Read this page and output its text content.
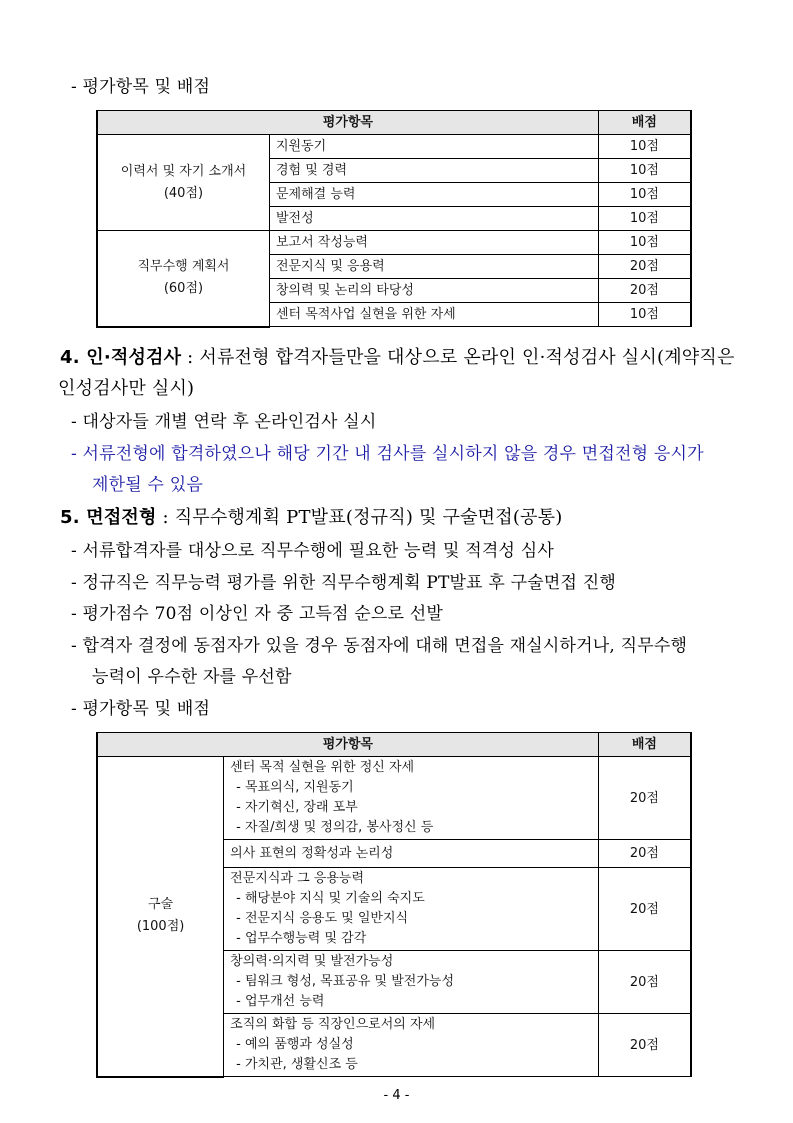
- 평가항목 및 배점
평가항목		배점
이력서 및 자기 소개서
(40점)	지원동기	10점
	경험 및 경력	10점
	문제해결 능력	10점
	발전성	10점
직무수행 계획서
(60점)	보고서 작성능력	10점
	전문지식 및 응용력	20점
	창의력 및 논리의 타당성	20점
	센터 목적사업 실현을 위한 자세	10점
4. 인·적성검사 : 서류전형 합격자들만을 대상으로 온라인 인·적성검사 실시(계약직은
인성검사만 실시)
- 대상자들 개별 연락 후 온라인검사 실시
- 서류전형에 합격하였으나 해당 기간 내 검사를 실시하지 않을 경우 면접전형 응시가
제한될 수 있음
5. 면접전형 : 직무수행계획 PT발표(정규직) 및 구술면접(공통)
- 서류합격자를 대상으로 직무수행에 필요한 능력 및 적격성 심사
- 정규직은 직무능력 평가를 위한 직무수행계획 PT발표 후 구술면접 진행
- 평가점수 70점 이상인 자 중 고득점 순으로 선발
- 합격자 결정에 동점자가 있을 경우 동점자에 대해 면접을 재실시하거나, 직무수행
능력이 우수한 자를 우선함
- 평가항목 및 배점
평가항목		배점
구술
(100점)	센터 목적 실현을 위한 정신 자세
- 목표의식, 지원동기
- 자기혁신, 장래 포부
- 자질/희생 및 정의감, 봉사정신 등	20점
	의사 표현의 정확성과 논리성	20점
	전문지식과 그 응용능력
- 해당분야 지식 및 기술의 숙지도
- 전문지식 응용도 및 일반지식
- 업무수행능력 및 감각	20점
	창의력·의지력 및 발전가능성
- 팀워크 형성, 목표공유 및 발전가능성
- 업무개선 능력	20점
	조직의 화합 등 직장인으로서의 자세
- 예의 품행과 성실성
- 가치관, 생활신조 등	20점
- 4 -
